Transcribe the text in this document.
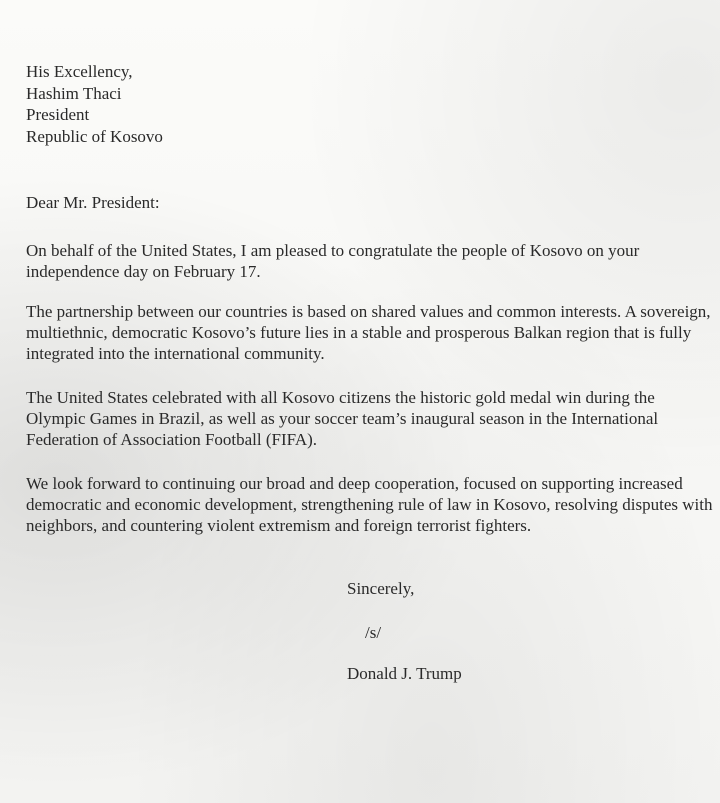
His Excellency,
Hashim Thaci
President
Republic of Kosovo
Dear Mr. President:
On behalf of the United States, I am pleased to congratulate the people of Kosovo on your independence day on February 17.
The partnership between our countries is based on shared values and common interests. A sovereign, multiethnic, democratic Kosovo’s future lies in a stable and prosperous Balkan region that is fully integrated into the international community.
The United States celebrated with all Kosovo citizens the historic gold medal win during the Olympic Games in Brazil, as well as your soccer team’s inaugural season in the International Federation of Association Football (FIFA).
We look forward to continuing our broad and deep cooperation, focused on supporting increased democratic and economic development, strengthening rule of law in Kosovo, resolving disputes with neighbors, and countering violent extremism and foreign terrorist fighters.
Sincerely,
/s/
Donald J. Trump
